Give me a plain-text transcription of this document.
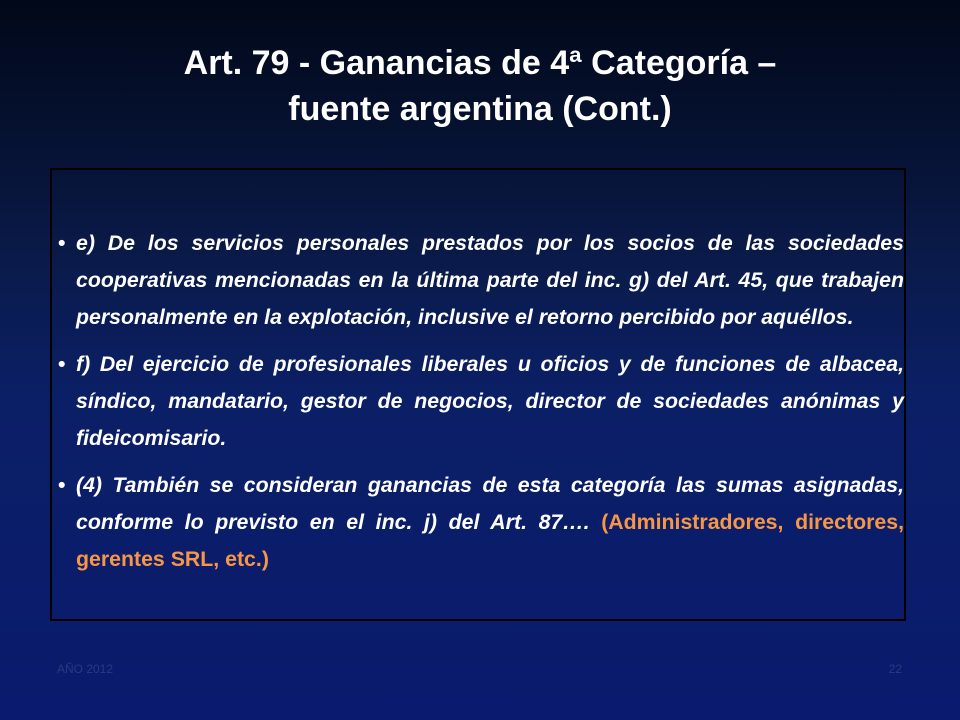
Art. 79 - Ganancias de 4ª Categoría –
fuente argentina (Cont.)
• e) De los servicios personales prestados por los socios de las sociedades cooperativas mencionadas en la última parte del inc. g) del Art. 45, que trabajen personalmente en la explotación, inclusive el retorno percibido por aquéllos.
• f) Del ejercicio de profesionales liberales u oficios y de funciones de albacea, síndico, mandatario, gestor de negocios, director de sociedades anónimas y fideicomisario.
• (4) También se consideran ganancias de esta categoría las sumas asignadas, conforme lo previsto en el inc. j) del Art. 87…. (Administradores, directores, gerentes SRL, etc.)
AÑO 2012	22
